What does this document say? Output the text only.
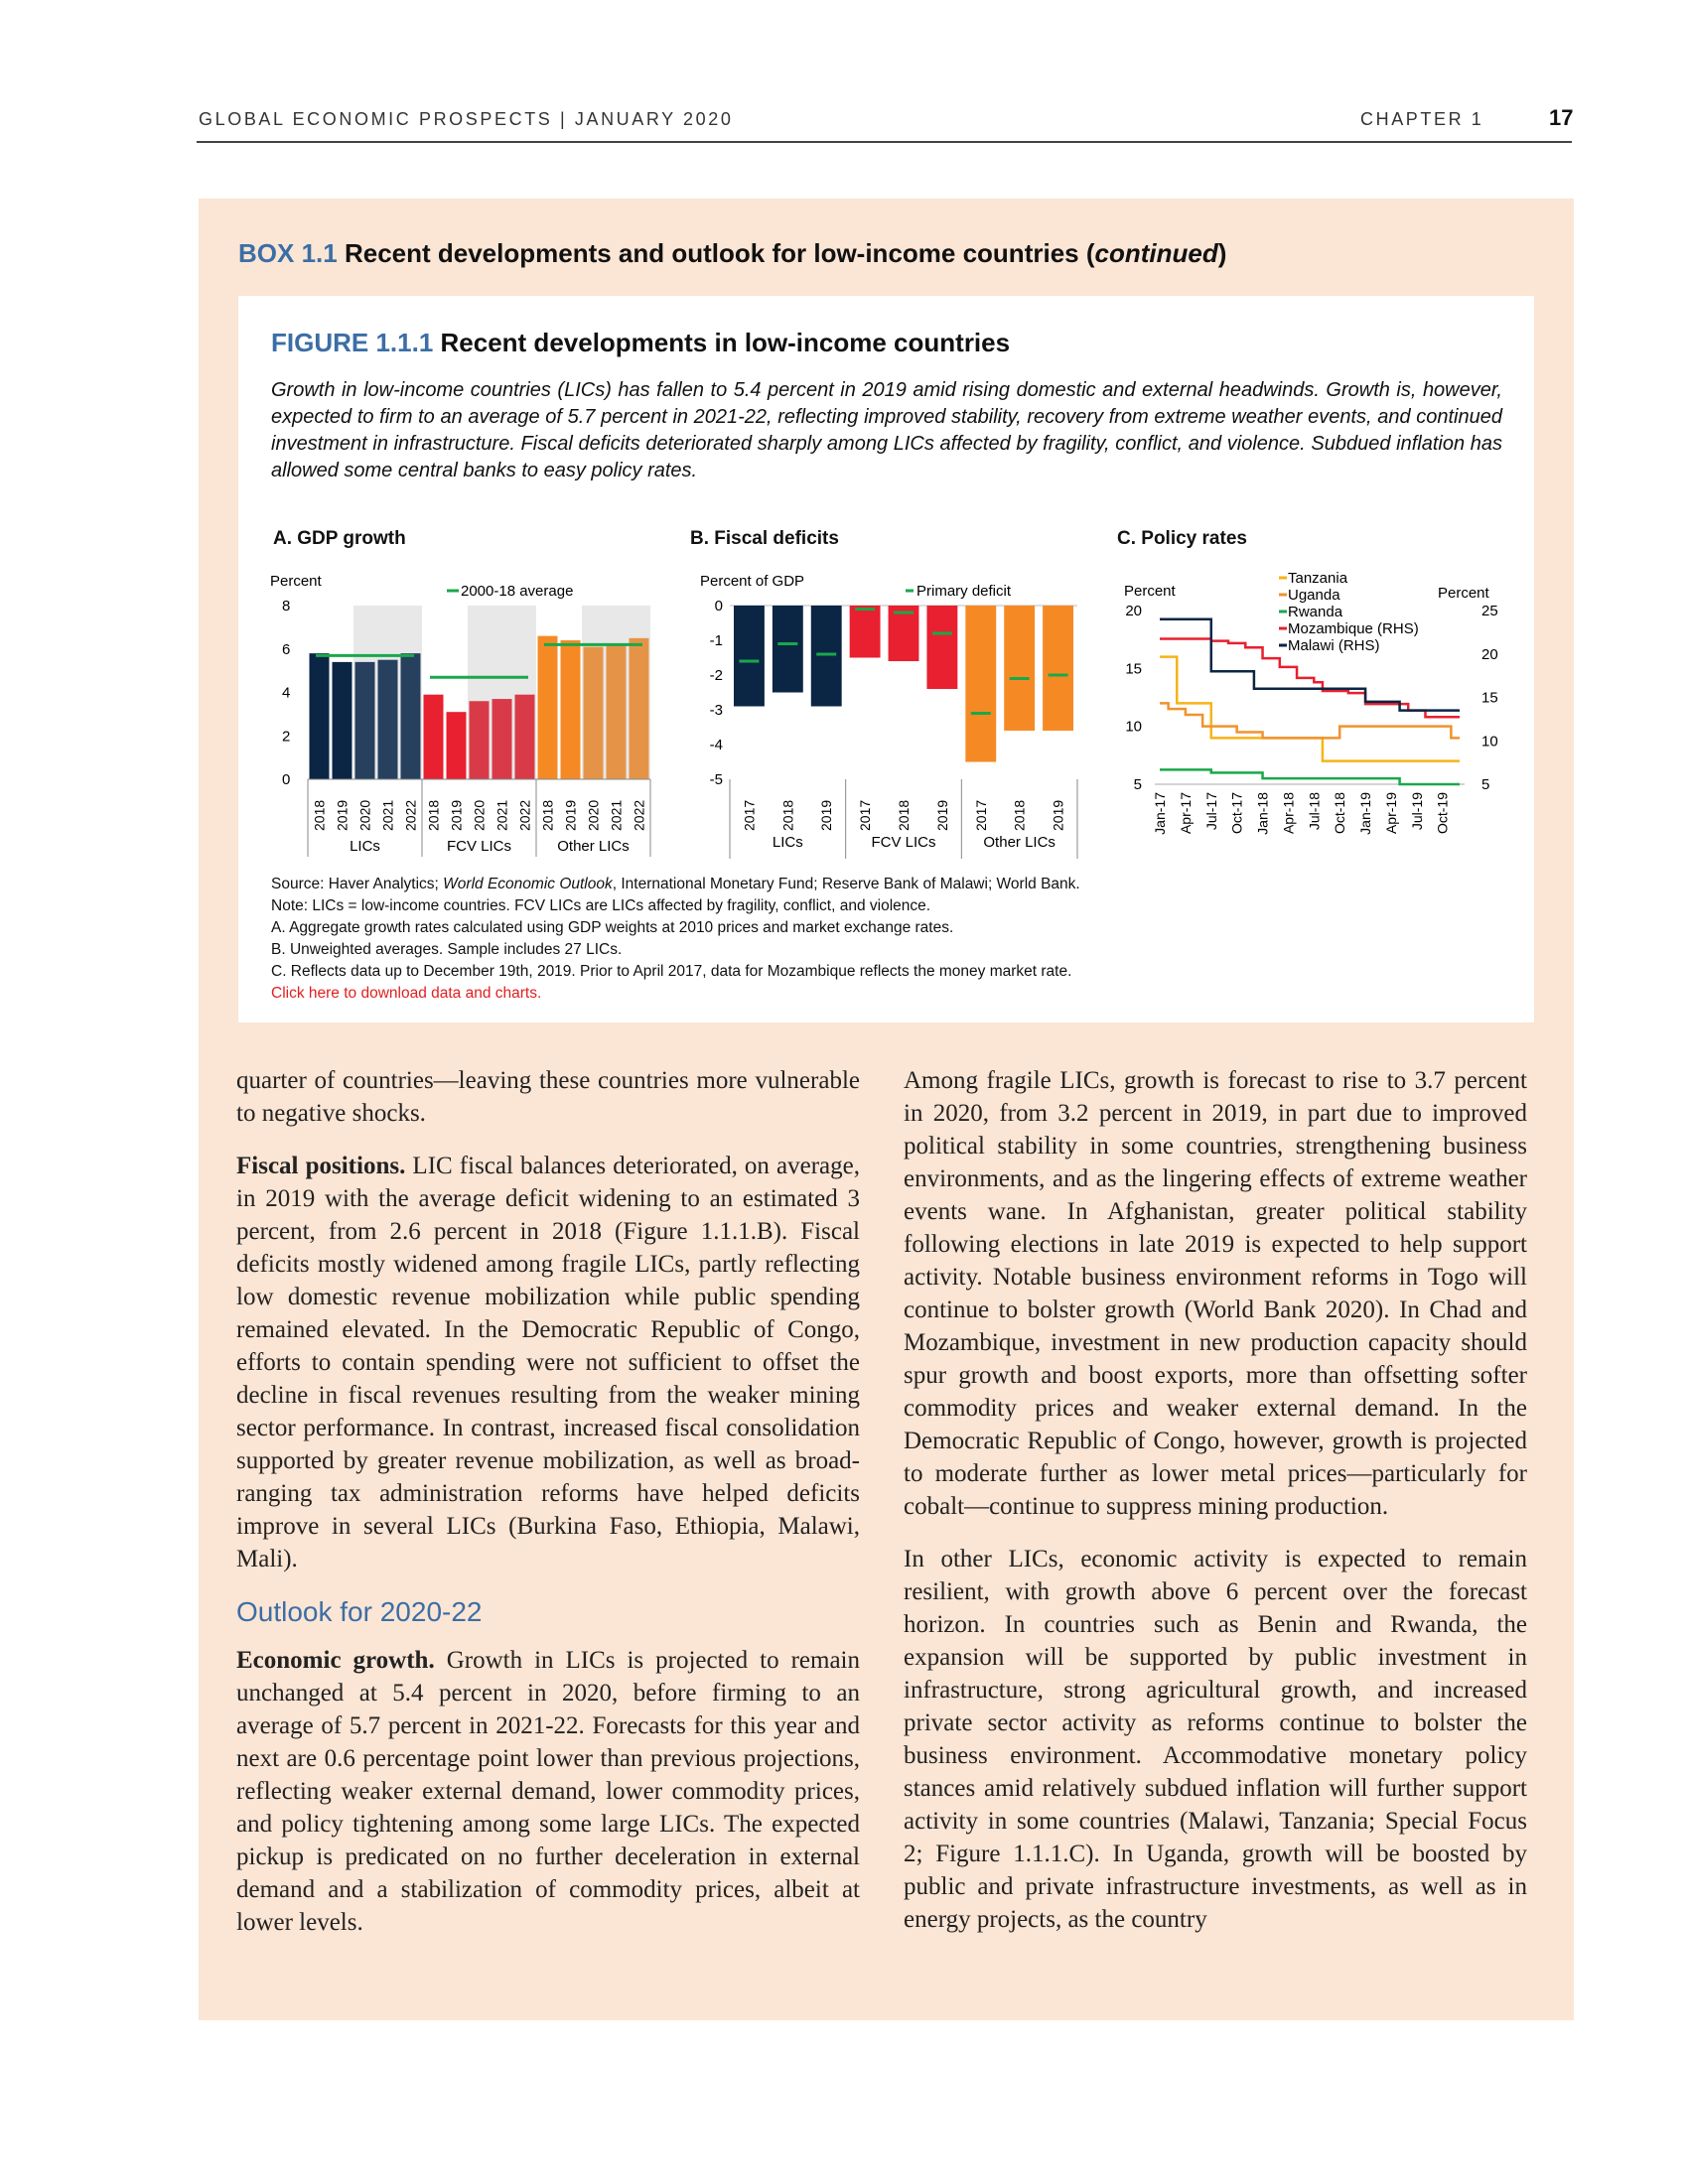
GLOBAL ECONOMIC PROSPECTS | JANUARY 2020	CHAPTER 1	17
BOX 1.1 Recent developments and outlook for low-income countries (continued)
FIGURE 1.1.1 Recent developments in low-income countries
Growth in low-income countries (LICs) has fallen to 5.4 percent in 2019 amid rising domestic and external headwinds. Growth is, however, expected to firm to an average of 5.7 percent in 2021-22, reflecting improved stability, recovery from extreme weather events, and continued investment in infrastructure. Fiscal deficits deteriorated sharply among LICs affected by fragility, conflict, and violence. Subdued inflation has allowed some central banks to easy policy rates.
A. GDP growth	B. Fiscal deficits	C. Policy rates
Percent
0
2
4
6
8
2000-18 average
2018 2019 2020 2021 2022
LICs
2018 2019 2020 2021 2022
FCV LICs
2018 2019 2020 2021 2022
Other LICs
Percent of GDP
0
-1
-2
-3
-4
-5
Primary deficit
2017 2018 2019
LICs
2017 2018 2019
FCV LICs
2017 2018 2019
Other LICs
Percent	Percent
5
10
15
20
5
10
15
20
25
Tanzania
Uganda
Rwanda
Mozambique (RHS)
Malawi (RHS)
Jan-17 Apr-17 Jul-17 Oct-17 Jan-18 Apr-18 Jul-18 Oct-18 Jan-19 Apr-19 Jul-19 Oct-19
Source: Haver Analytics; World Economic Outlook, International Monetary Fund; Reserve Bank of Malawi; World Bank.
Note: LICs = low-income countries. FCV LICs are LICs affected by fragility, conflict, and violence.
A. Aggregate growth rates calculated using GDP weights at 2010 prices and market exchange rates.
B. Unweighted averages. Sample includes 27 LICs.
C. Reflects data up to December 19th, 2019. Prior to April 2017, data for Mozambique reflects the money market rate.
Click here to download data and charts.

quarter of countries—leaving these countries more vulnerable to negative shocks.

Fiscal positions. LIC fiscal balances deteriorated, on average, in 2019 with the average deficit widening to an estimated 3 percent, from 2.6 percent in 2018 (Figure 1.1.1.B). Fiscal deficits mostly widened among fragile LICs, partly reflecting low domestic revenue mobilization while public spending remained elevated. In the Democratic Republic of Congo, efforts to contain spending were not sufficient to offset the decline in fiscal revenues resulting from the weaker mining sector performance. In contrast, increased fiscal consolidation supported by greater revenue mobilization, as well as broad-ranging tax administration reforms have helped deficits improve in several LICs (Burkina Faso, Ethiopia, Malawi, Mali).

Outlook for 2020-22

Economic growth. Growth in LICs is projected to remain unchanged at 5.4 percent in 2020, before firming to an average of 5.7 percent in 2021-22. Forecasts for this year and next are 0.6 percentage point lower than previous projections, reflecting weaker external demand, lower commodity prices, and policy tightening among some large LICs. The expected pickup is predicated on no further deceleration in external demand and a stabilization of commodity prices, albeit at lower levels.

Among fragile LICs, growth is forecast to rise to 3.7 percent in 2020, from 3.2 percent in 2019, in part due to improved political stability in some countries, strengthening business environments, and as the lingering effects of extreme weather events wane. In Afghanistan, greater political stability following elections in late 2019 is expected to help support activity. Notable business environment reforms in Togo will continue to bolster growth (World Bank 2020). In Chad and Mozambique, investment in new production capacity should spur growth and boost exports, more than offsetting softer commodity prices and weaker external demand. In the Democratic Republic of Congo, however, growth is projected to moderate further as lower metal prices—particularly for cobalt—continue to suppress mining production.

In other LICs, economic activity is expected to remain resilient, with growth above 6 percent over the forecast horizon. In countries such as Benin and Rwanda, the expansion will be supported by public investment in infrastructure, strong agricultural growth, and increased private sector activity as reforms continue to bolster the business environment. Accommodative monetary policy stances amid relatively subdued inflation will further support activity in some countries (Malawi, Tanzania; Special Focus 2; Figure 1.1.1.C). In Uganda, growth will be boosted by public and private infrastructure investments, as well as in energy projects, as the country
